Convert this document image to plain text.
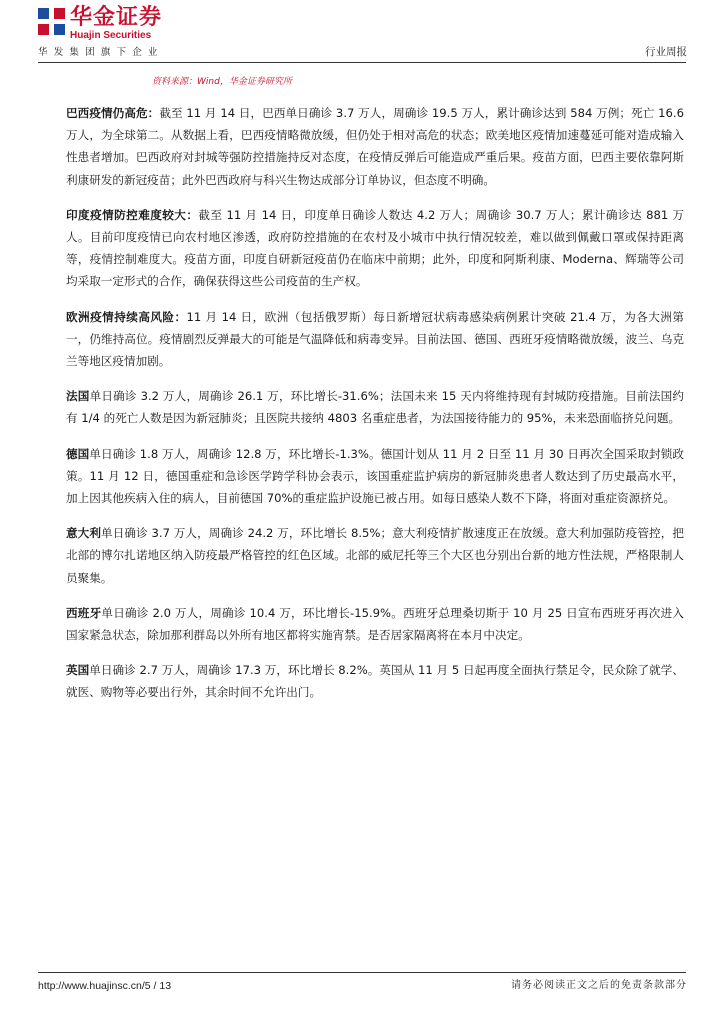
华金证券
Huajin Securities
华发集团旗下企业	行业周报
资料来源：Wind，华金证券研究所

巴西疫情仍高危：截至 11 月 14 日，巴西单日确诊 3.7 万人，周确诊 19.5 万人，累计确诊达到 584 万例；死亡 16.6 万人，为全球第二。从数据上看，巴西疫情略微放缓，但仍处于相对高危的状态；欧美地区疫情加速蔓延可能对造成输入性患者增加。巴西政府对封城等强防控措施持反对态度，在疫情反弹后可能造成严重后果。疫苗方面，巴西主要依靠阿斯利康研发的新冠疫苗；此外巴西政府与科兴生物达成部分订单协议，但态度不明确。

印度疫情防控难度较大：截至 11 月 14 日，印度单日确诊人数达 4.2 万人；周确诊 30.7 万人；累计确诊达 881 万人。目前印度疫情已向农村地区渗透，政府防控措施的在农村及小城市中执行情况较差，难以做到佩戴口罩或保持距离等，疫情控制难度大。疫苗方面，印度自研新冠疫苗仍在临床中前期；此外，印度和阿斯利康、Moderna、辉瑞等公司均采取一定形式的合作，确保获得这些公司疫苗的生产权。

欧洲疫情持续高风险：11 月 14 日，欧洲（包括俄罗斯）每日新增冠状病毒感染病例累计突破 21.4 万，为各大洲第一，仍维持高位。疫情剧烈反弹最大的可能是气温降低和病毒变异。目前法国、德国、西班牙疫情略微放缓，波兰、乌克兰等地区疫情加剧。

法国单日确诊 3.2 万人，周确诊 26.1 万，环比增长-31.6%；法国未来 15 天内将维持现有封城防疫措施。目前法国约有 1/4 的死亡人数是因为新冠肺炎；且医院共接纳 4803 名重症患者，为法国接待能力的 95%，未来恐面临挤兑问题。

德国单日确诊 1.8 万人，周确诊 12.8 万，环比增长-1.3%。德国计划从 11 月 2 日至 11 月 30 日再次全国采取封锁政策。11 月 12 日，德国重症和急诊医学跨学科协会表示，该国重症监护病房的新冠肺炎患者人数达到了历史最高水平，加上因其他疾病入住的病人，目前德国 70%的重症监护设施已被占用。如每日感染人数不下降，将面对重症资源挤兑。

意大利单日确诊 3.7 万人，周确诊 24.2 万，环比增长 8.5%；意大利疫情扩散速度正在放缓。意大利加强防疫管控，把北部的博尔扎诺地区纳入防疫最严格管控的红色区域。北部的威尼托等三个大区也分别出台新的地方性法规，严格限制人员聚集。

西班牙单日确诊 2.0 万人，周确诊 10.4 万，环比增长-15.9%。西班牙总理桑切斯于 10 月 25 日宣布西班牙再次进入国家紧急状态，除加那利群岛以外所有地区都将实施宵禁。是否居家隔离将在本月中决定。

英国单日确诊 2.7 万人，周确诊 17.3 万，环比增长 8.2%。英国从 11 月 5 日起再度全面执行禁足令，民众除了就学、就医、购物等必要出行外，其余时间不允许出门。

http://www.huajinsc.cn/5 / 13	请务必阅读正文之后的免责条款部分
